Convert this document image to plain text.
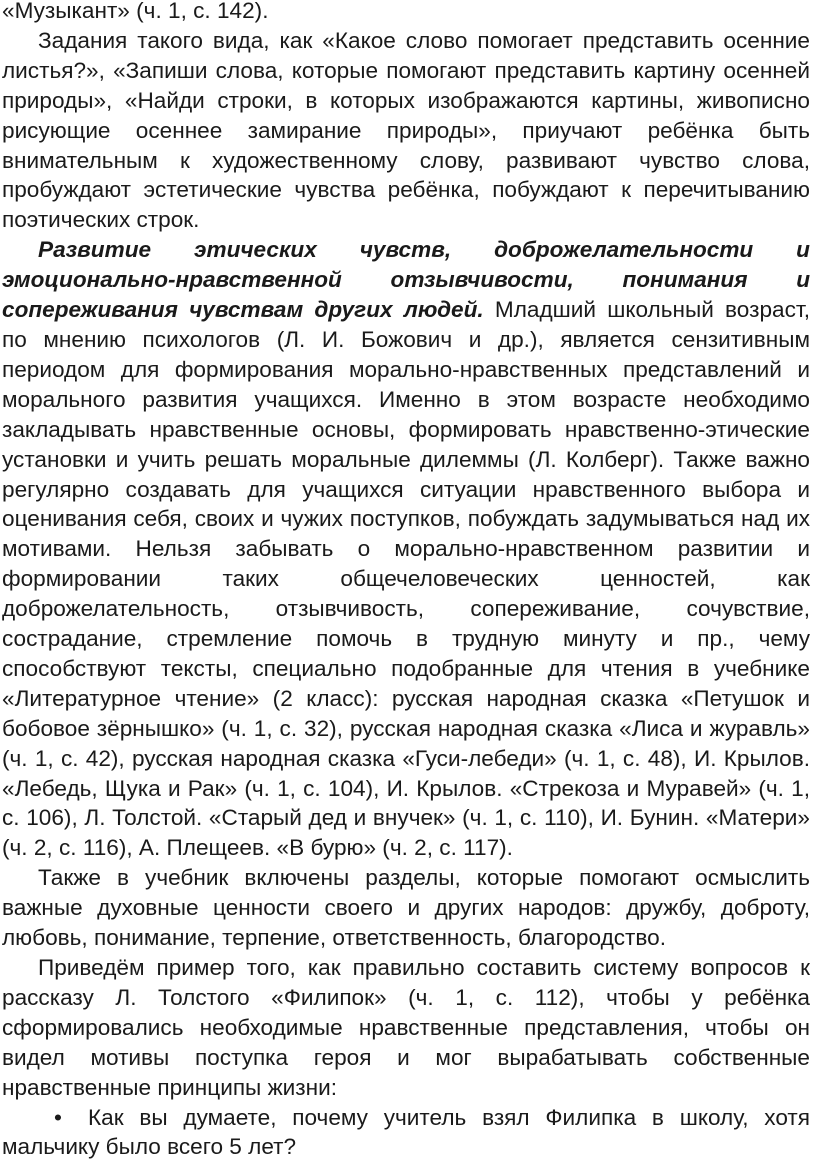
«Музыкант» (ч. 1, с. 142).

Задания такого вида, как «Какое слово помогает представить осенние листья?», «Запиши слова, которые помогают представить картину осенней природы», «Найди строки, в которых изображаются картины, живописно рисующие осеннее замирание природы», приучают ребёнка быть внимательным к художественному слову, развивают чувство слова, пробуждают эстетические чувства ребёнка, побуждают к перечитыванию поэтических строк.

Развитие этических чувств, доброжелательности и эмоционально-нравственной отзывчивости, понимания и сопереживания чувствам других людей. Младший школьный возраст, по мнению психологов (Л. И. Божович и др.), является сензитивным периодом для формирования морально-нравственных представлений и морального развития учащихся. Именно в этом возрасте необходимо закладывать нравственные основы, формировать нравственно-этические установки и учить решать моральные дилеммы (Л. Колберг). Также важно регулярно создавать для учащихся ситуации нравственного выбора и оценивания себя, своих и чужих поступков, побуждать задумываться над их мотивами. Нельзя забывать о морально-нравственном развитии и формировании таких общечеловеческих ценностей, как доброжелательность, отзывчивость, сопереживание, сочувствие, сострадание, стремление помочь в трудную минуту и пр., чему способствуют тексты, специально подобранные для чтения в учебнике «Литературное чтение» (2 класс): русская народная сказка «Петушок и бобовое зёрнышко» (ч. 1, с. 32), русская народная сказка «Лиса и журавль» (ч. 1, с. 42), русская народная сказка «Гуси-лебеди» (ч. 1, с. 48), И. Крылов. «Лебедь, Щука и Рак» (ч. 1, с. 104), И. Крылов. «Стрекоза и Муравей» (ч. 1, с. 106), Л. Толстой. «Старый дед и внучек» (ч. 1, с. 110), И. Бунин. «Матери» (ч. 2, с. 116), А. Плещеев. «В бурю» (ч. 2, с. 117).

Также в учебник включены разделы, которые помогают осмыслить важные духовные ценности своего и других народов: дружбу, доброту, любовь, понимание, терпение, ответственность, благородство.

Приведём пример того, как правильно составить систему вопросов к рассказу Л. Толстого «Филипок» (ч. 1, с. 112), чтобы у ребёнка сформировались необходимые нравственные представления, чтобы он видел мотивы поступка героя и мог вырабатывать собственные нравственные принципы жизни:

• Как вы думаете, почему учитель взял Филипка в школу, хотя мальчику было всего 5 лет?
